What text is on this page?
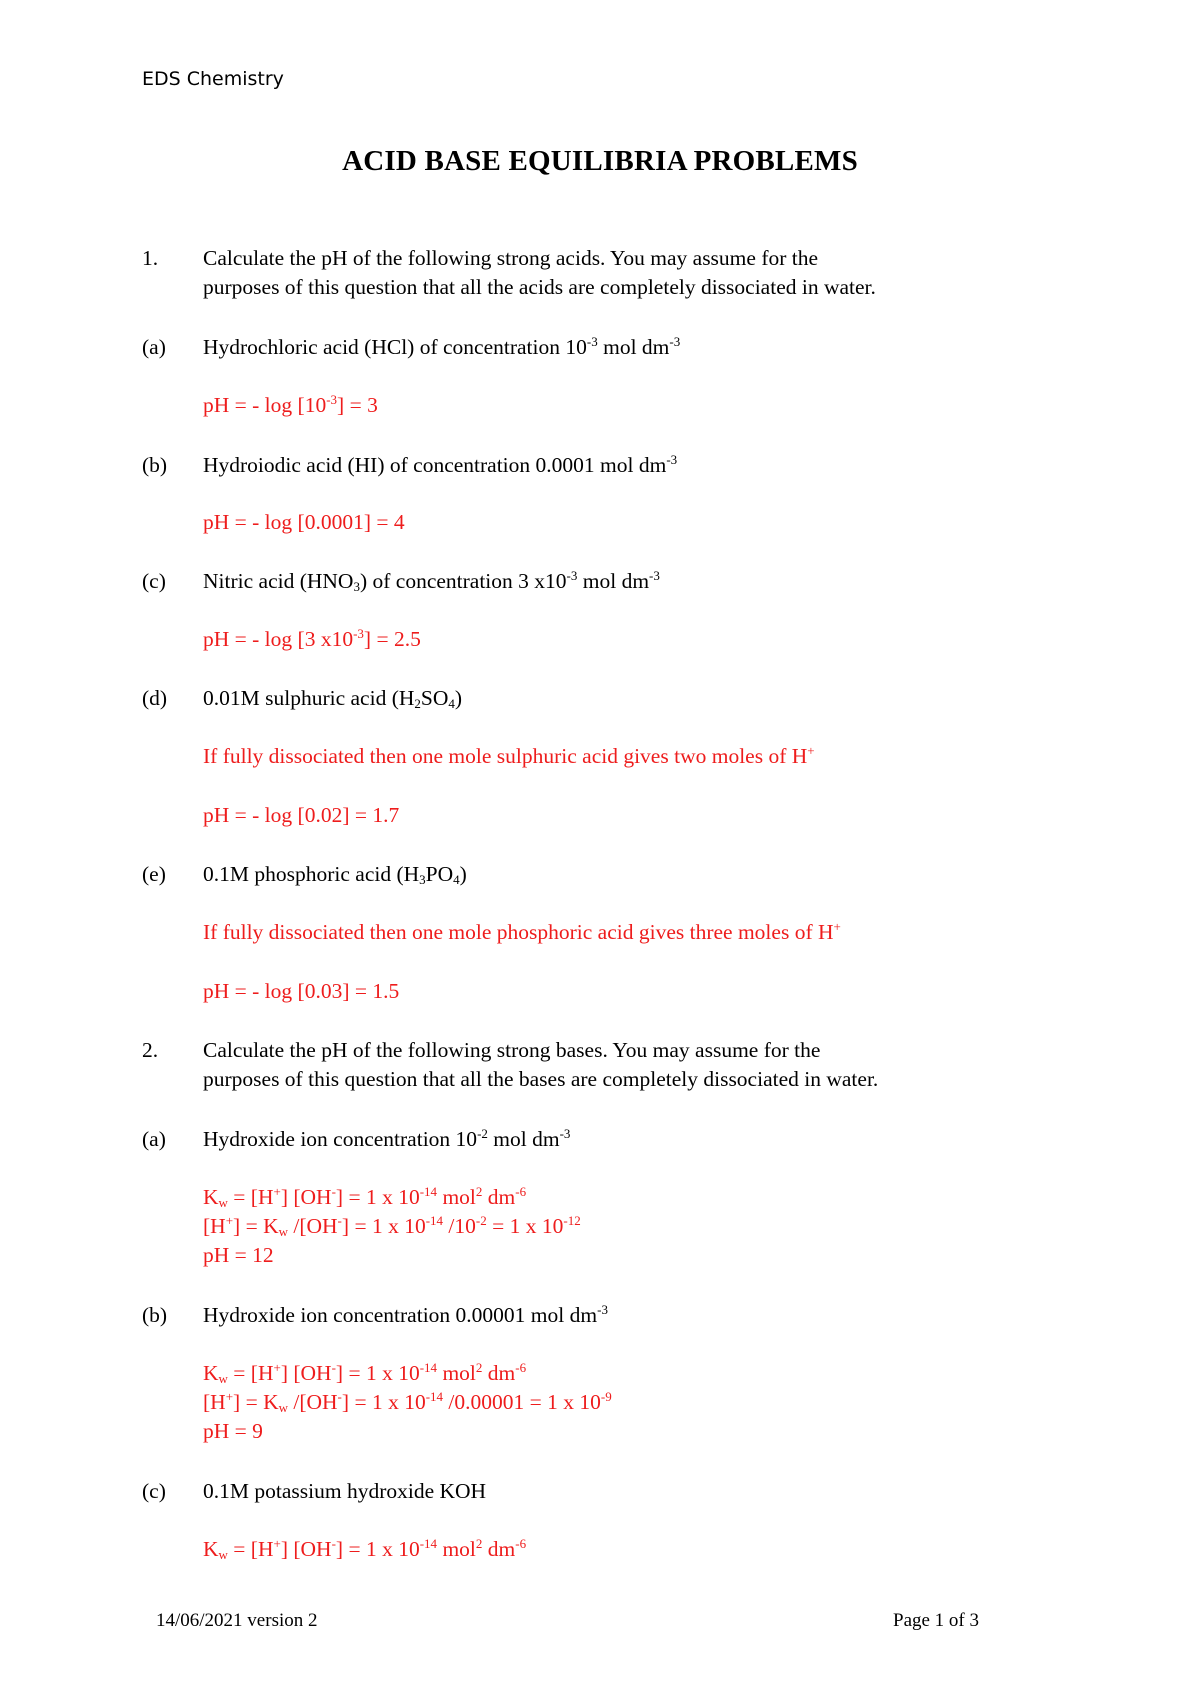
EDS Chemistry
ACID BASE EQUILIBRIA PROBLEMS
1. Calculate the pH of the following strong acids. You may assume for the
purposes of this question that all the acids are completely dissociated in water.
(a) Hydrochloric acid (HCl) of concentration $10^{-3}$ mol $dm^{-3}$
pH = - $\log [10^{-3}] = 3$
(b) Hydroiodic acid (HI) of concentration 0.0001 mol $dm^{-3}$
pH = - log [0.0001] = 4
(c) Nitric acid $(HNO_3)$ of concentration 3 $x10^{-3}$ mol $dm^{-3}$
pH = - log [3 $x10^{-3}] = 2.5$
(d) 0.01M sulphuric acid $(H_2SO_4)$
If fully dissociated then one mole sulphuric acid gives two moles of H+
pH = - log [0.02] = 1.7
(e) 0.1M phosphoric acid $(H_3PO_4)$
If fully dissociated then one mole phosphoric acid gives three moles of H+
pH = - log [0.03] = 1.5
2. Calculate the pH of the following strong bases. You may assume for the
purposes of this question that all the bases are completely dissociated in water.
(a) Hydroxide ion concentration $10^{-2}$ mol $dm^{-3}$
$K_w = [H^+] [OH^-] = 1$ x $10^{-14}$ mol$^2$ $dm^{-6}$
$[H^+] = K_w$ /[OH-] = 1 x $10^{-14}$ $/10^{-2} = 1$ x $10^{-12}$
pH = 12
(b) Hydroxide ion concentration 0.00001 mol $dm^{-3}$
$K_w = [H^+] [OH^-] = 1$ x $10^{-14}$ mol$^2$ $dm^{-6}$
$[H^+] = K_w$ /[OH-] = 1 x $10^{-14}$ /0.00001 = 1 x $10^{-9}$
pH = 9
(c) 0.1M potassium hydroxide KOH
$K_w = [H^+] [OH^-] = 1$ x $10^{-14}$ mol$^2$ $dm^{-6}$
14/06/2021 version 2	Page 1 of 3
